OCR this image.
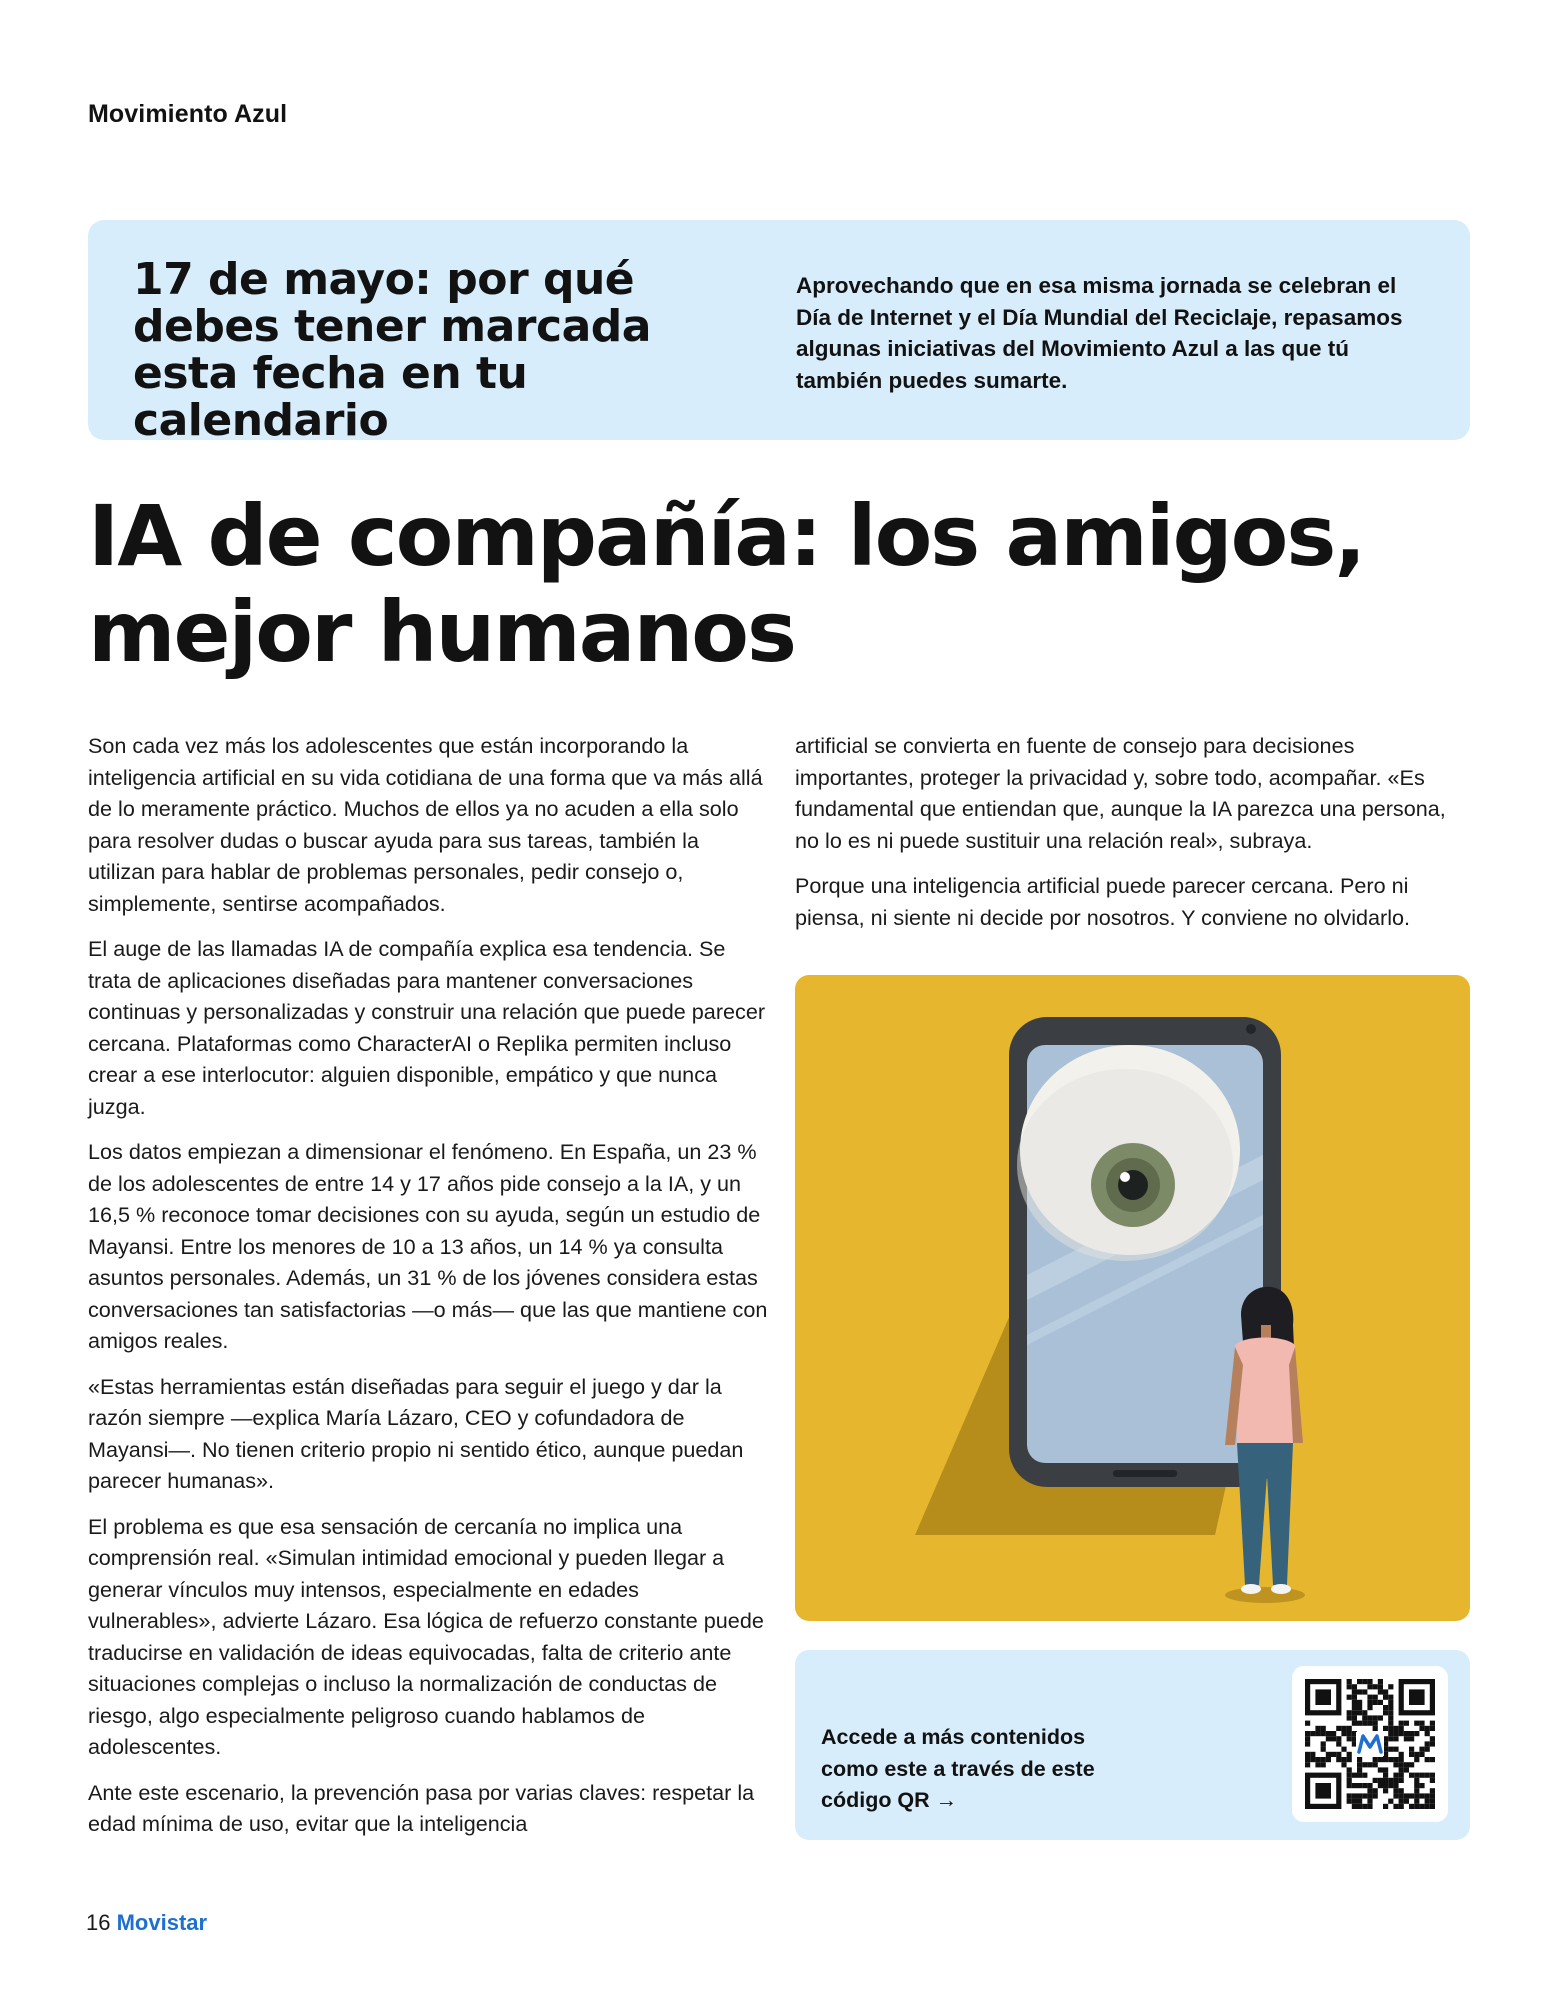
Movimiento Azul
17 de mayo: por qué debes tener marcada esta fecha en tu calendario

Aprovechando que en esa misma jornada se celebran el Día de Internet y el Día Mundial del Reciclaje, repasamos algunas iniciativas del Movimiento Azul a las que tú también puedes sumarte.

IA de compañía: los amigos, mejor humanos

Son cada vez más los adolescentes que están incorporando la inteligencia artificial en su vida cotidiana de una forma que va más allá de lo meramente práctico. Muchos de ellos ya no acuden a ella solo para resolver dudas o buscar ayuda para sus tareas, también la utilizan para hablar de problemas personales, pedir consejo o, simplemente, sentirse acompañados.

El auge de las llamadas IA de compañía explica esa tendencia. Se trata de aplicaciones diseñadas para mantener conversaciones continuas y personalizadas y construir una relación que puede parecer cercana. Plataformas como CharacterAI o Replika permiten incluso crear a ese interlocutor: alguien disponible, empático y que nunca juzga.

Los datos empiezan a dimensionar el fenómeno. En España, un 23 % de los adolescentes de entre 14 y 17 años pide consejo a la IA, y un 16,5 % reconoce tomar decisiones con su ayuda, según un estudio de Mayansi. Entre los menores de 10 a 13 años, un 14 % ya consulta asuntos personales. Además, un 31 % de los jóvenes considera estas conversaciones tan satisfactorias —o más— que las que mantiene con amigos reales.

«Estas herramientas están diseñadas para seguir el juego y dar la razón siempre —explica María Lázaro, CEO y cofundadora de Mayansi—. No tienen criterio propio ni sentido ético, aunque puedan parecer humanas».

El problema es que esa sensación de cercanía no implica una comprensión real. «Simulan intimidad emocional y pueden llegar a generar vínculos muy intensos, especialmente en edades vulnerables», advierte Lázaro. Esa lógica de refuerzo constante puede traducirse en validación de ideas equivocadas, falta de criterio ante situaciones complejas o incluso la normalización de conductas de riesgo, algo especialmente peligroso cuando hablamos de adolescentes.

Ante este escenario, la prevención pasa por varias claves: respetar la edad mínima de uso, evitar que la inteligencia

artificial se convierta en fuente de consejo para decisiones importantes, proteger la privacidad y, sobre todo, acompañar. «Es fundamental que entiendan que, aunque la IA parezca una persona, no lo es ni puede sustituir una relación real», subraya.

Porque una inteligencia artificial puede parecer cercana. Pero ni piensa, ni siente ni decide por nosotros. Y conviene no olvidarlo.

Accede a más contenidos como este a través de este código QR →

16 Movistar
